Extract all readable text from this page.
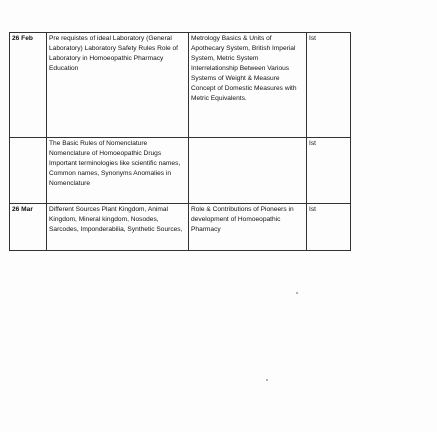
26 Feb	Pre requistes of ideal Laboratory (General Laboratory) Laboratory Safety Rules Role of Laboratory in Homoeopathic Pharmacy Education	Metrology Basics & Units of Apothecary System, British Imperial System, Metric System Interrelationship Between Various Systems of Weight & Measure Concept of Domestic Measures with Metric Equivalents.	Ist
	The Basic Rules of Nomenclature Nomenclature of Homoeopathic Drugs Important terminologies like scientific names, Common names, Synonyms Anomalies in Nomenclature		Ist
26 Mar	Different Sources Plant Kingdom, Animal Kingdom, Mineral kingdom, Nosodes, Sarcodes, Imponderabilia, Synthetic Sources,	Role & Contributions of Pioneers in development of Homoeopathic Pharmacy	Ist
